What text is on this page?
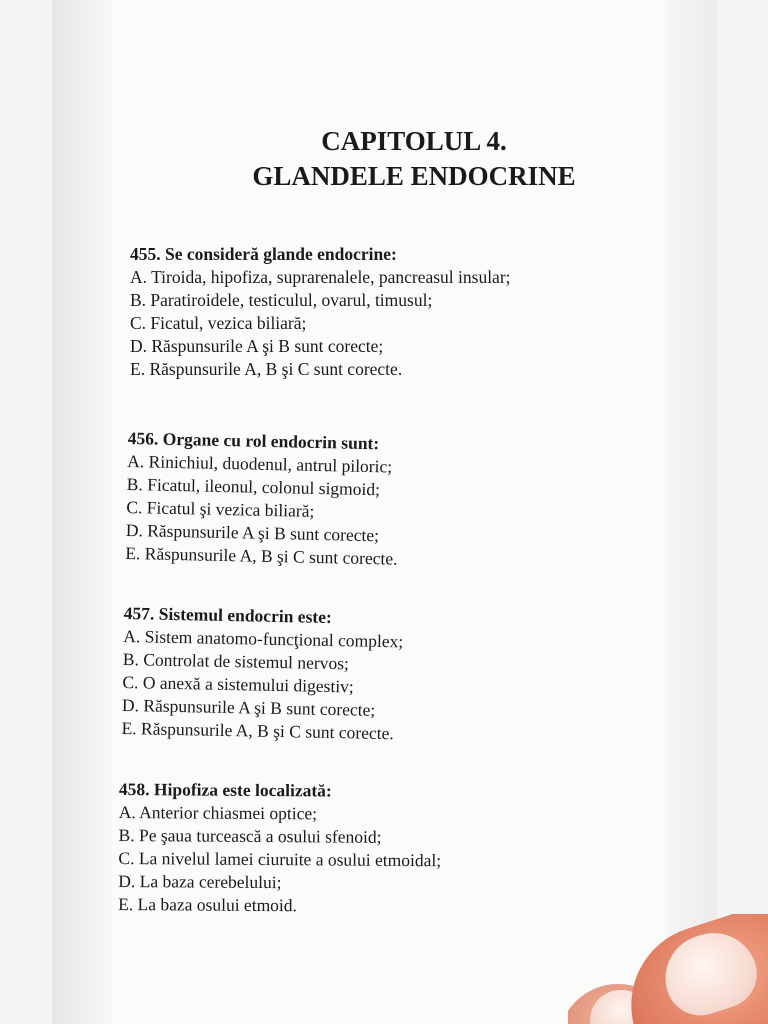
CAPITOLUL 4.
GLANDELE ENDOCRINE
455. Se consideră glande endocrine:
A. Tiroida, hipofiza, suprarenalele, pancreasul insular;
B. Paratiroidele, testiculul, ovarul, timusul;
C. Ficatul, vezica biliară;
D. Răspunsurile A şi B sunt corecte;
E. Răspunsurile A, B şi C sunt corecte.
456. Organe cu rol endocrin sunt:
A. Rinichiul, duodenul, antrul piloric;
B. Ficatul, ileonul, colonul sigmoid;
C. Ficatul şi vezica biliară;
D. Răspunsurile A şi B sunt corecte;
E. Răspunsurile A, B şi C sunt corecte.
457. Sistemul endocrin este:
A. Sistem anatomo-funcţional complex;
B. Controlat de sistemul nervos;
C. O anexă a sistemului digestiv;
D. Răspunsurile A şi B sunt corecte;
E. Răspunsurile A, B şi C sunt corecte.
458. Hipofiza este localizată:
A. Anterior chiasmei optice;
B. Pe şaua turcească a osului sfenoid;
C. La nivelul lamei ciuruite a osului etmoidal;
D. La baza cerebelului;
E. La baza osului etmoid.
